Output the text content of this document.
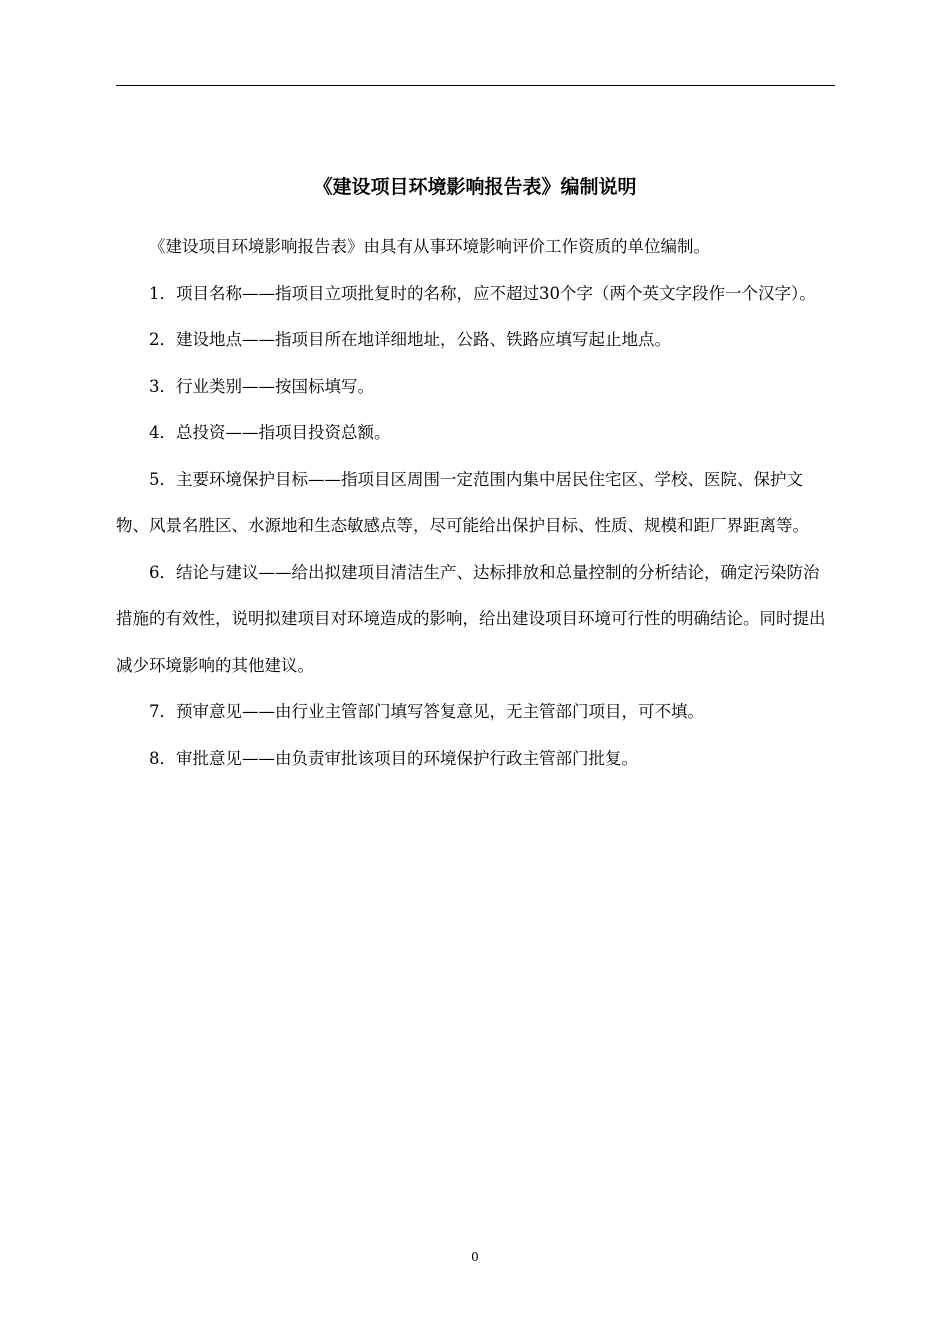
《建设项目环境影响报告表》编制说明

《建设项目环境影响报告表》由具有从事环境影响评价工作资质的单位编制。

1．项目名称——指项目立项批复时的名称，应不超过30个字（两个英文字段作一个汉字）。

2．建设地点——指项目所在地详细地址，公路、铁路应填写起止地点。

3．行业类别——按国标填写。

4．总投资——指项目投资总额。

5．主要环境保护目标——指项目区周围一定范围内集中居民住宅区、学校、医院、保护文物、风景名胜区、水源地和生态敏感点等，尽可能给出保护目标、性质、规模和距厂界距离等。

6．结论与建议——给出拟建项目清洁生产、达标排放和总量控制的分析结论，确定污染防治措施的有效性，说明拟建项目对环境造成的影响，给出建设项目环境可行性的明确结论。同时提出减少环境影响的其他建议。

7．预审意见——由行业主管部门填写答复意见，无主管部门项目，可不填。

8．审批意见——由负责审批该项目的环境保护行政主管部门批复。

0
